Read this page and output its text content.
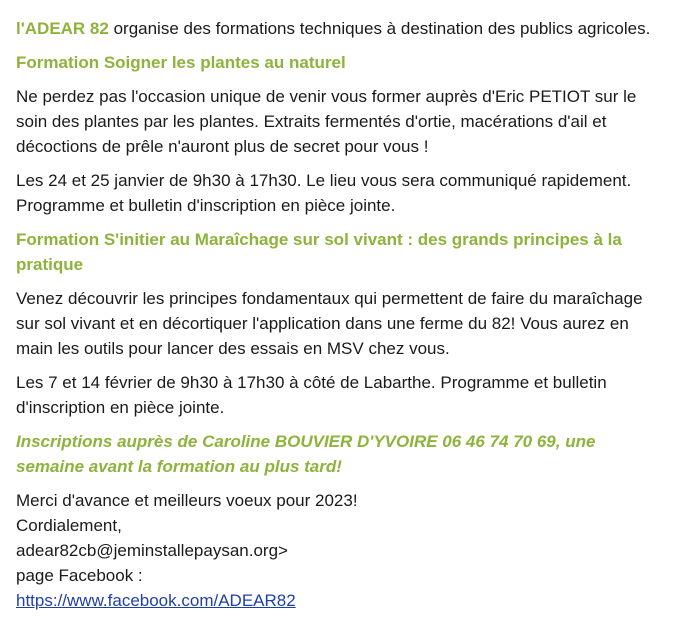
l'ADEAR 82 organise des formations techniques à destination des publics agricoles.

Formation Soigner les plantes au naturel

Ne perdez pas l'occasion unique de venir vous former auprès d'Eric PETIOT sur le soin des plantes par les plantes. Extraits fermentés d'ortie, macérations d'ail et décoctions de prêle n'auront plus de secret pour vous !

Les 24 et 25 janvier de 9h30 à 17h30. Le lieu vous sera communiqué rapidement. Programme et bulletin d'inscription en pièce jointe.

Formation S'initier au Maraîchage sur sol vivant : des grands principes à la pratique

Venez découvrir les principes fondamentaux qui permettent de faire du maraîchage sur sol vivant et en décortiquer l'application dans une ferme du 82! Vous aurez en main les outils pour lancer des essais en MSV chez vous.

Les 7 et 14 février de 9h30 à 17h30 à côté de Labarthe. Programme et bulletin d'inscription en pièce jointe.

Inscriptions auprès de Caroline BOUVIER D'YVOIRE 06 46 74 70 69, une semaine avant la formation au plus tard!

Merci d'avance et meilleurs voeux pour 2023!
Cordialement,
adear82cb@jeminstallepaysan.org>
page Facebook :
https://www.facebook.com/ADEAR82
